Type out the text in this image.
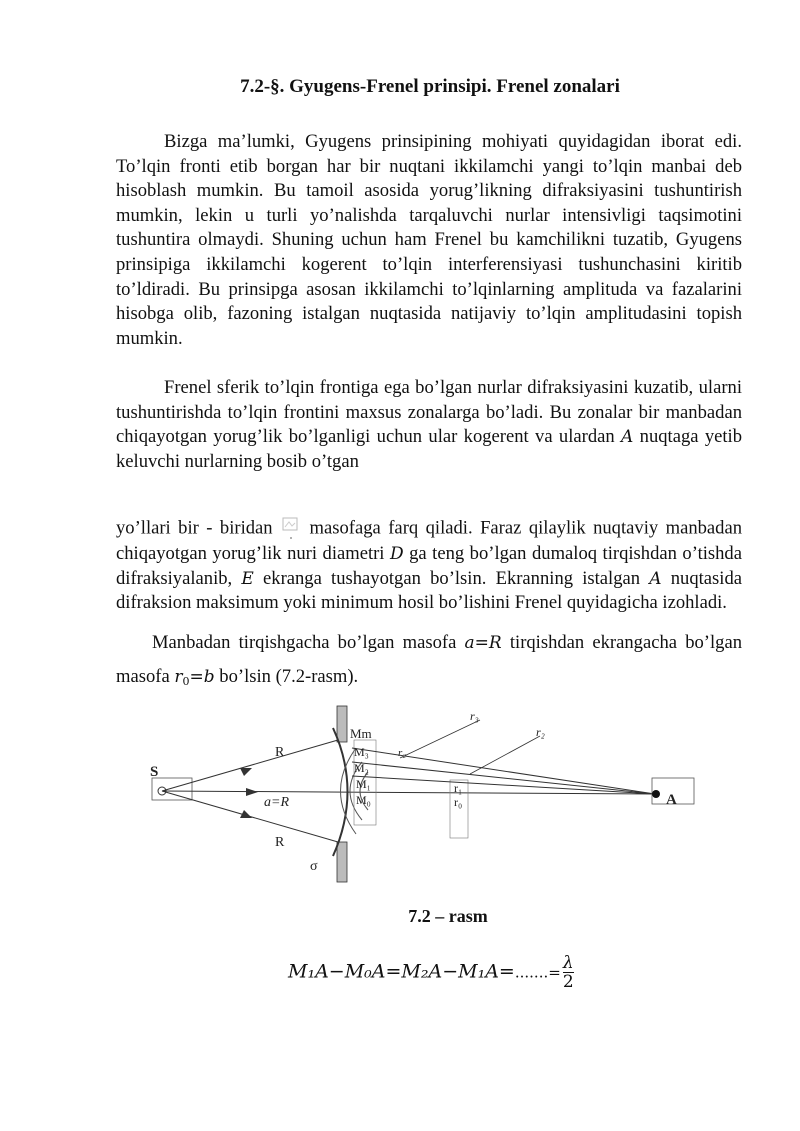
7.2-§. Gyugens-Frenel prinsipi. Frenel zonalari

Bizga ma’lumki, Gyugens prinsipining mohiyati quyidagidan iborat edi. To’lqin fronti etib borgan har bir nuqtani ikkilamchi yangi to’lqin manbai deb hisoblash mumkin. Bu tamoil asosida yorug’likning difraksiyasini tushuntirish mumkin, lekin u turli yo’nalishda tarqaluvchi nurlar intensivligi taqsimotini tushuntira olmaydi. Shuning uchun ham Frenel bu kamchilikni tuzatib, Gyugens prinsipiga ikkilamchi kogerent to’lqin interferensiyasi tushunchasini kiritib to’ldiradi. Bu prinsipga asosan ikkilamchi to’lqinlarning amplituda va fazalarini hisobga olib, fazoning istalgan nuqtasida natijaviy to’lqin amplitudasini topish mumkin.

Frenel sferik to’lqin frontiga ega bo’lgan nurlar difraksiyasini kuzatib, ularni tushuntirishda to’lqin frontini maxsus zonalarga bo’ladi. Bu zonalar bir manbadan chiqayotgan yorug’lik bo’lganligi uchun ular kogerent va ulardan A nuqtaga yetib keluvchi nurlarning bosib o’tgan

yo’llari bir - biridan masofaga farq qiladi. Faraz qilaylik nuqtaviy manbadan chiqayotgan yorug’lik nuri diametri D ga teng bo’lgan dumaloq tirqishdan o’tishda difraksiyalanib, E ekranga tushayotgan bo’lsin. Ekranning istalgan A nuqtasida difraksion maksimum yoki minimum hosil bo’lishini Frenel quyidagicha izohladi.

Manbadan tirqishgacha bo’lgan masofa a=R tirqishdan ekrangacha bo’lgan masofa $r_0=b$ bo’lsin (7.2-rasm).

S
R
R
a=R
σ
Mm
M₃
M₂
M₁
M₀
r₃
r₂
r₂
r₁
r₀	A
7.2 – rasm
$M_1A-M_0A=M_2A-M_1A=.......= \frac{\lambda}{2}$
